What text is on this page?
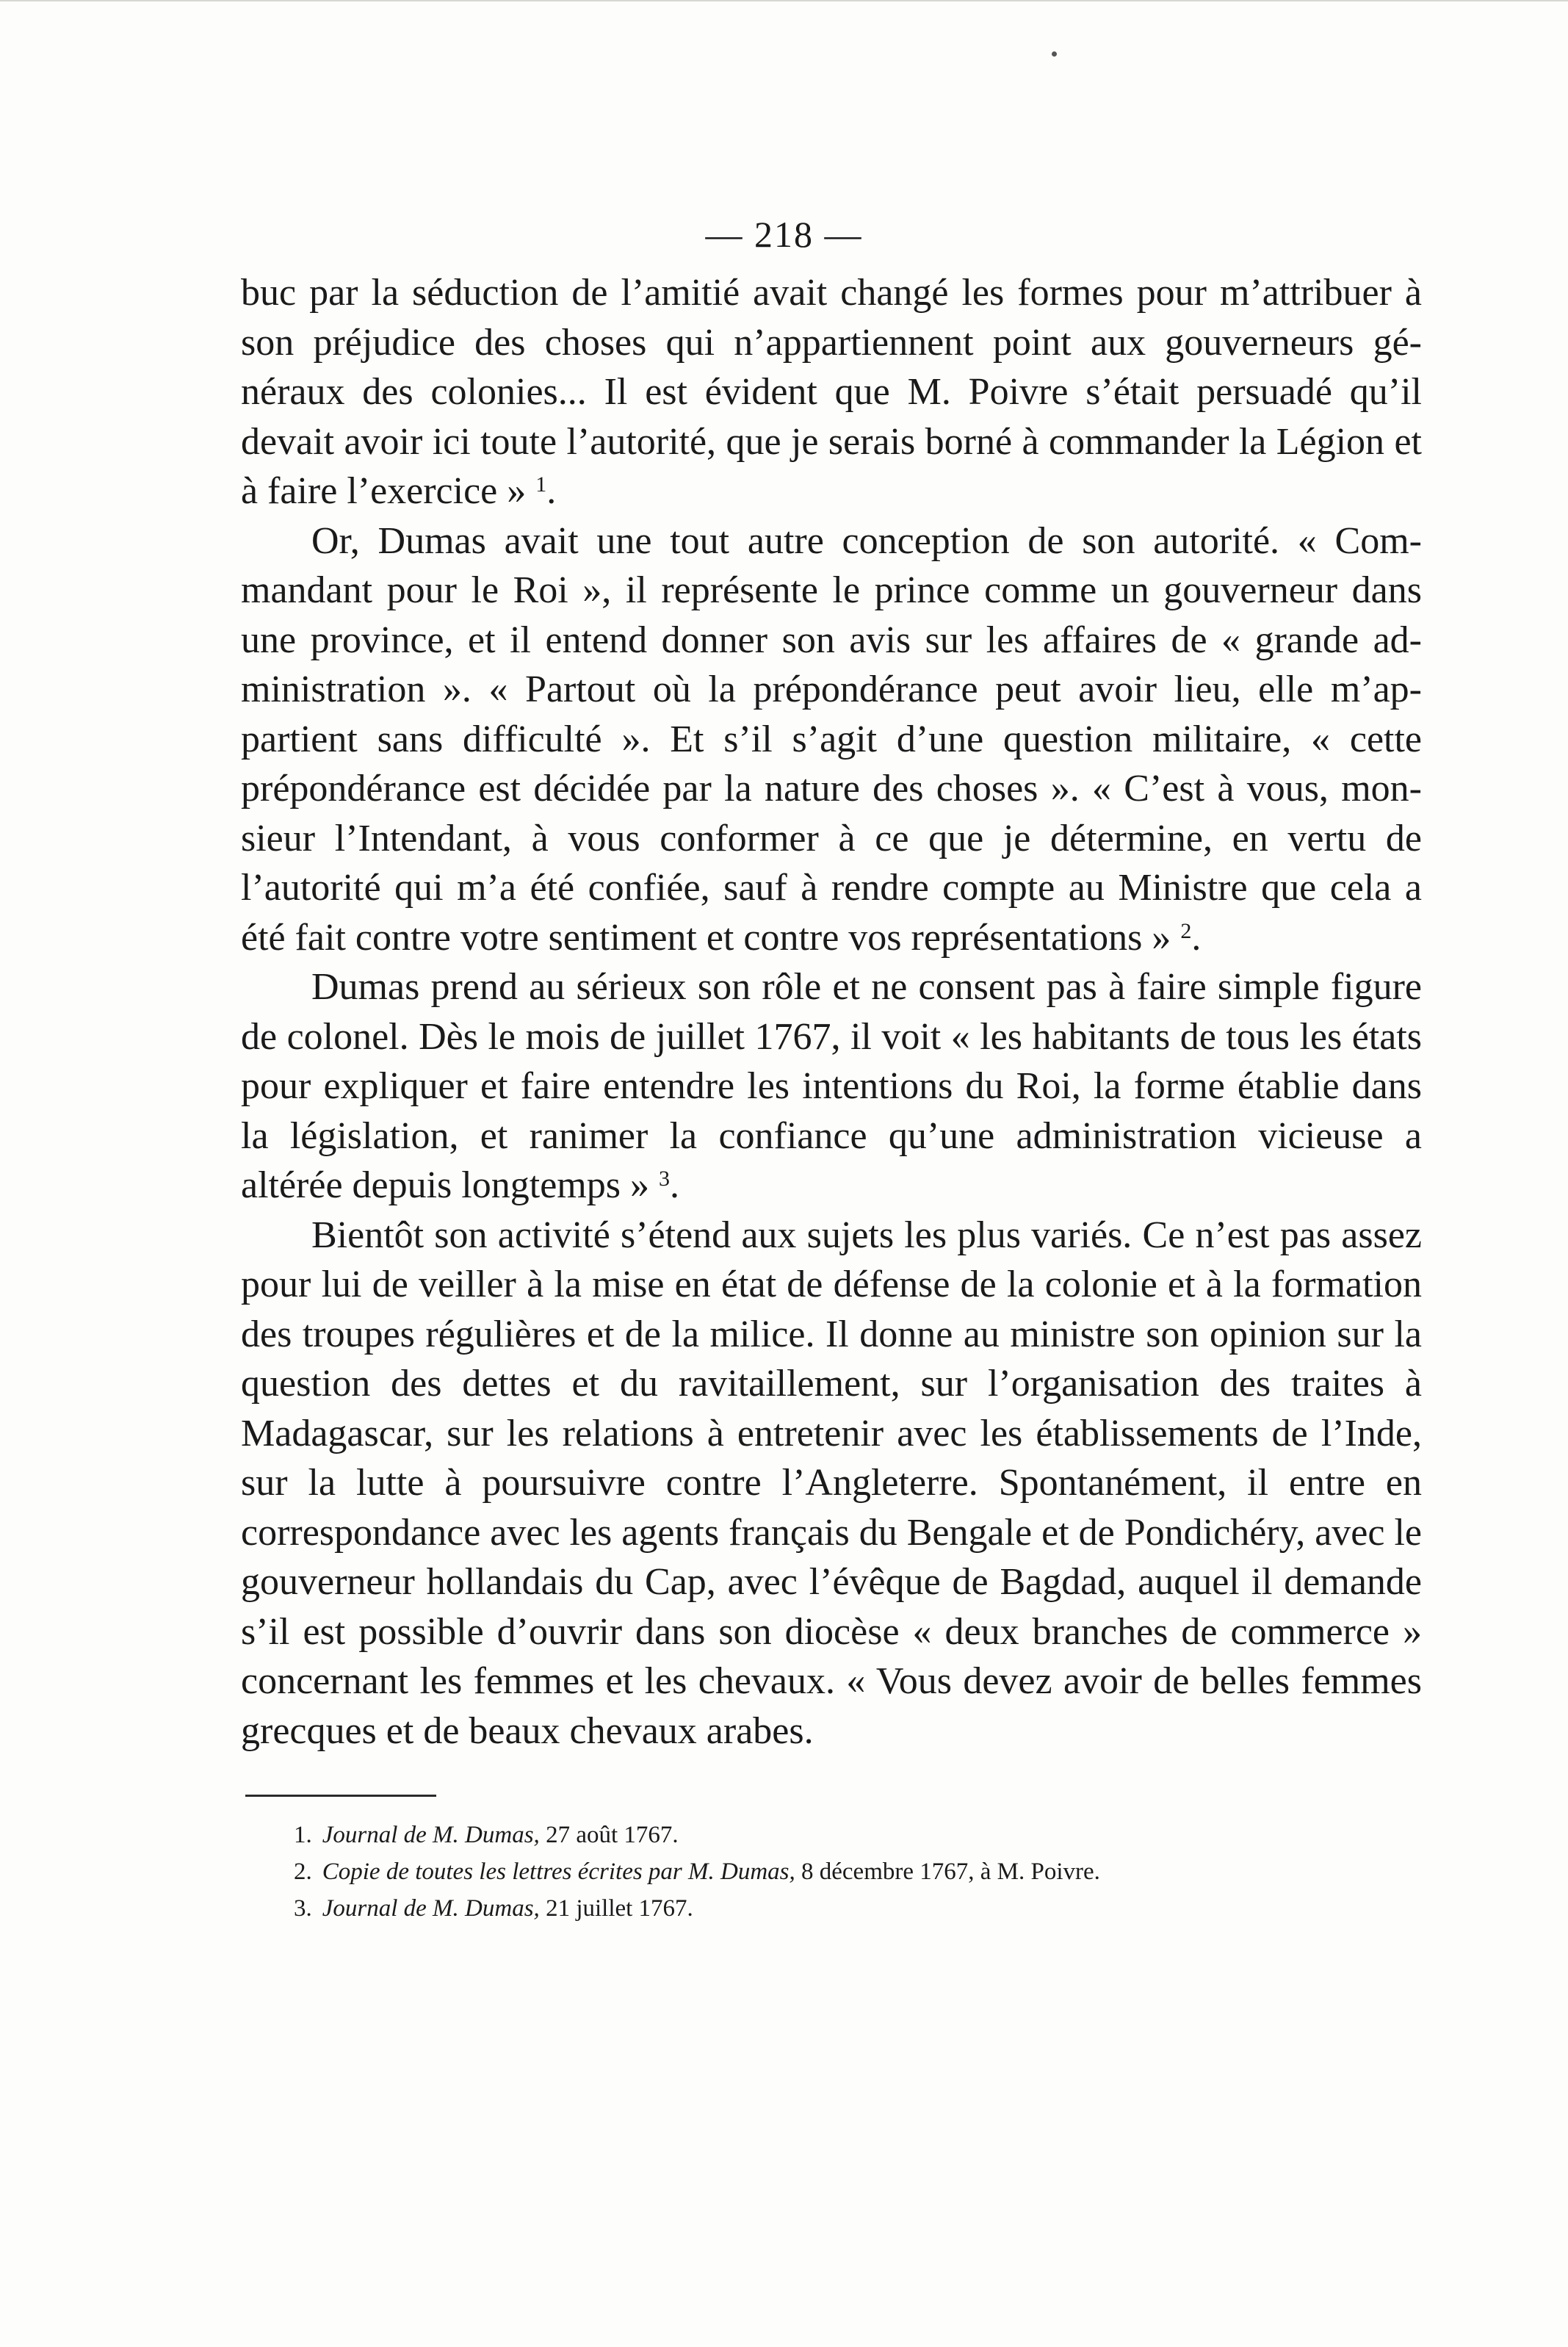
— 218 —

buc par la séduction de l’amitié avait changé les formes pour m’attribuer à son préjudice des choses qui n’appartiennent point aux gouverneurs généraux des colonies... Il est évident que M. Poivre s’était persuadé qu’il devait avoir ici toute l’autorité, que je serais borné à commander la Légion et à faire l’exercice » $^1$.

Or, Dumas avait une tout autre conception de son autorité. « Commandant pour le Roi », il représente le prince comme un gouverneur dans une province, et il entend donner son avis sur les affaires de « grande administration ». « Partout où la prépondérance peut avoir lieu, elle m’appartient sans difficulté ». Et s’il s’agit d’une question militaire, « cette prépondérance est décidée par la nature des choses ». « C’est à vous, monsieur l’Intendant, à vous conformer à ce que je détermine, en vertu de l’autorité qui m’a été confiée, sauf à rendre compte au Ministre que cela a été fait contre votre sentiment et contre vos représentations » $^2$.

Dumas prend au sérieux son rôle et ne consent pas à faire simple figure de colonel. Dès le mois de juillet 1767, il voit « les habitants de tous les états pour expliquer et faire entendre les intentions du Roi, la forme établie dans la législation, et ranimer la confiance qu’une administration vicieuse a altérée depuis longtemps » $^3$.

Bientôt son activité s’étend aux sujets les plus variés. Ce n’est pas assez pour lui de veiller à la mise en état de défense de la colonie et à la formation des troupes régulières et de la milice. Il donne au ministre son opinion sur la question des dettes et du ravitaillement, sur l’organisation des traites à Madagascar, sur les relations à entretenir avec les établissements de l’Inde, sur la lutte à poursuivre contre l’Angleterre. Spontanément, il entre en correspondance avec les agents français du Bengale et de Pondichéry, avec le gouverneur hollandais du Cap, avec l’évêque de Bagdad, auquel il demande s’il est possible d’ouvrir dans son diocèse « deux branches de commerce » concernant les femmes et les chevaux. « Vous devez avoir de belles femmes grecques et de beaux chevaux arabes.

1. Journal de M. Dumas, 27 août 1767.
2. Copie de toutes les lettres écrites par M. Dumas, 8 décembre 1767, à M. Poivre.
3. Journal de M. Dumas, 21 juillet 1767.
